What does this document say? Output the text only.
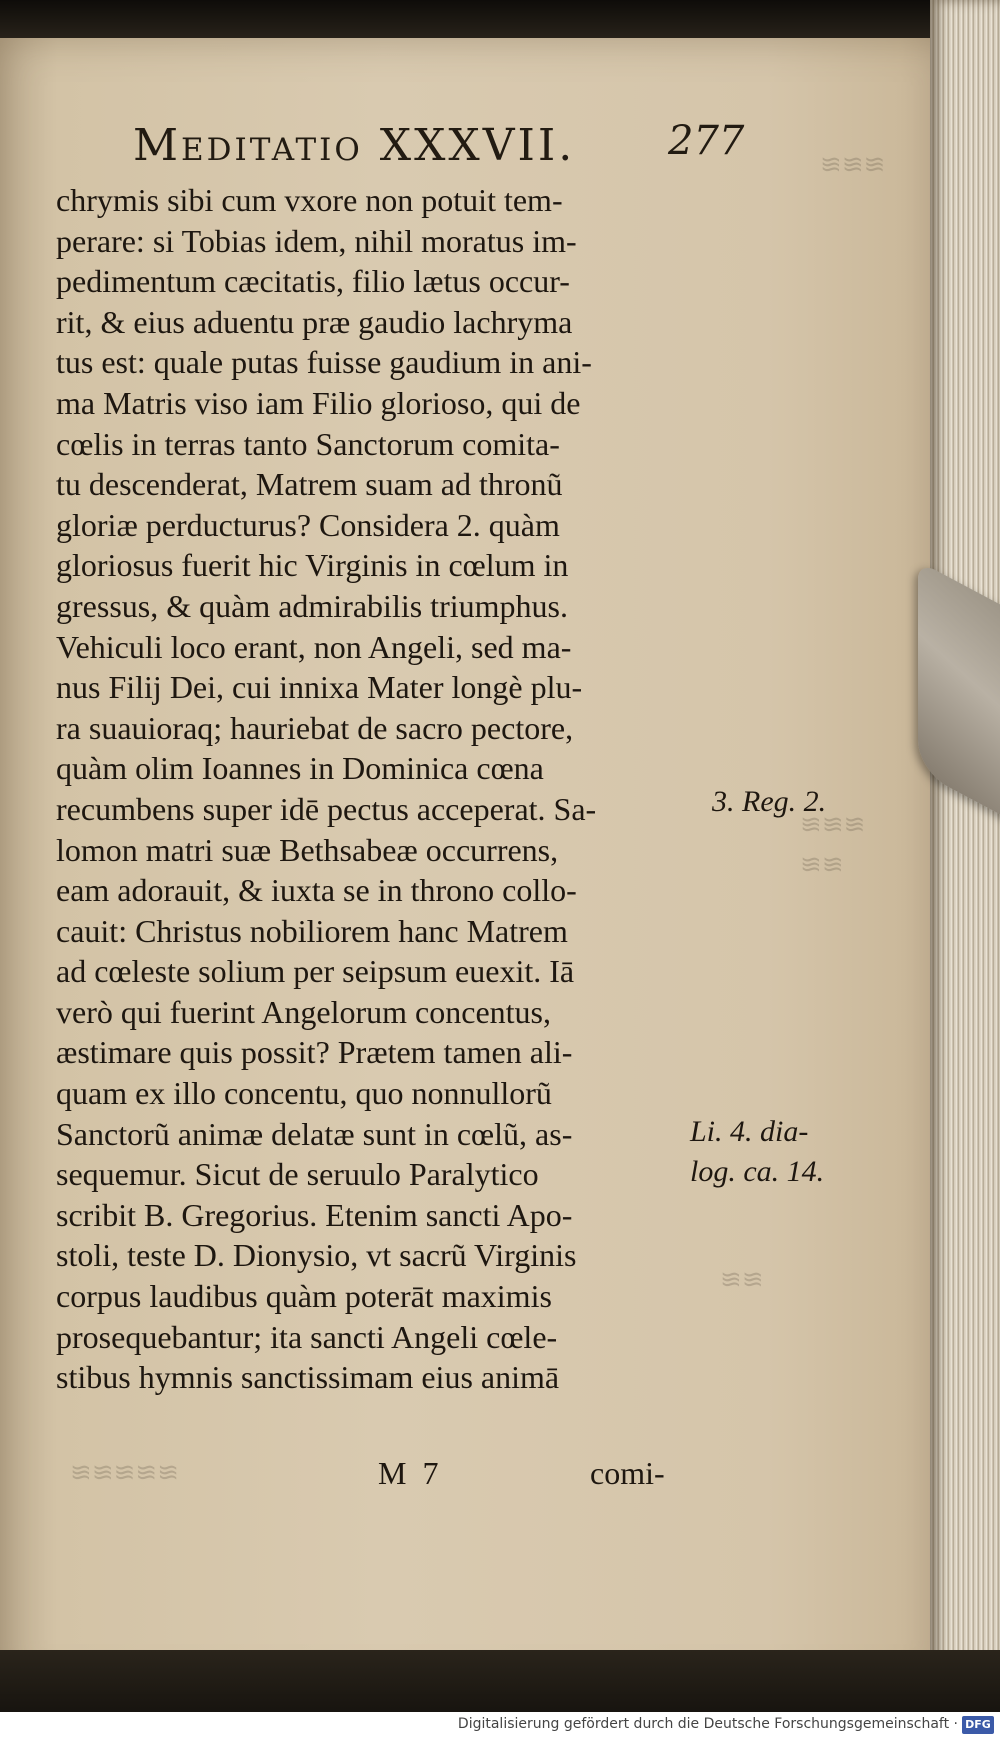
≋≋≋
≋≋≋
≋≋
≋≋
≋≋≋≋≋
Meditatio XXXVII. 277
chrymis sibi cum vxore non potuit tem-
perare: si Tobias idem, nihil moratus im-
pedimentum cæcitatis, filio lætus occur-
rit, & eius aduentu præ gaudio lachryma
tus est: quale putas fuisse gaudium in ani-
ma Matris viso iam Filio glorioso, qui de
cœlis in terras tanto Sanctorum comita-
tu descenderat, Matrem suam ad thronũ
gloriæ perducturus? Considera 2. quàm
gloriosus fuerit hic Virginis in cœlum in
gressus, & quàm admirabilis triumphus.
Vehiculi loco erant, non Angeli, sed ma-
nus Filij Dei, cui innixa Mater longè plu-
ra suauioraq; hauriebat de sacro pectore,
quàm olim Ioannes in Dominica cœna
recumbens super idē pectus acceperat. Sa-
lomon matri suæ Bethsabeæ occurrens,
eam adorauit, & iuxta se in throno collo-
cauit: Christus nobiliorem hanc Matrem
ad cœleste solium per seipsum euexit. Iā
verò qui fuerint Angelorum concentus,
æstimare quis possit? Prætem tamen ali-
quam ex illo concentu, quo nonnullorũ
Sanctorũ animæ delatæ sunt in cœlũ, as-
sequemur. Sicut de seruulo Paralytico
scribit B. Gregorius. Etenim sancti Apo-
stoli, teste D. Dionysio, vt sacrũ Virginis
corpus laudibus quàm poterāt maximis
prosequebantur; ita sancti Angeli cœle-
stibus hymnis sanctissimam eius animā
3. Reg. 2.
Li. 4. dia-
log. ca. 14.
M 7	comi-
Digitalisierung gefördert durch die Deutsche Forschungsgemeinschaft · DFG
